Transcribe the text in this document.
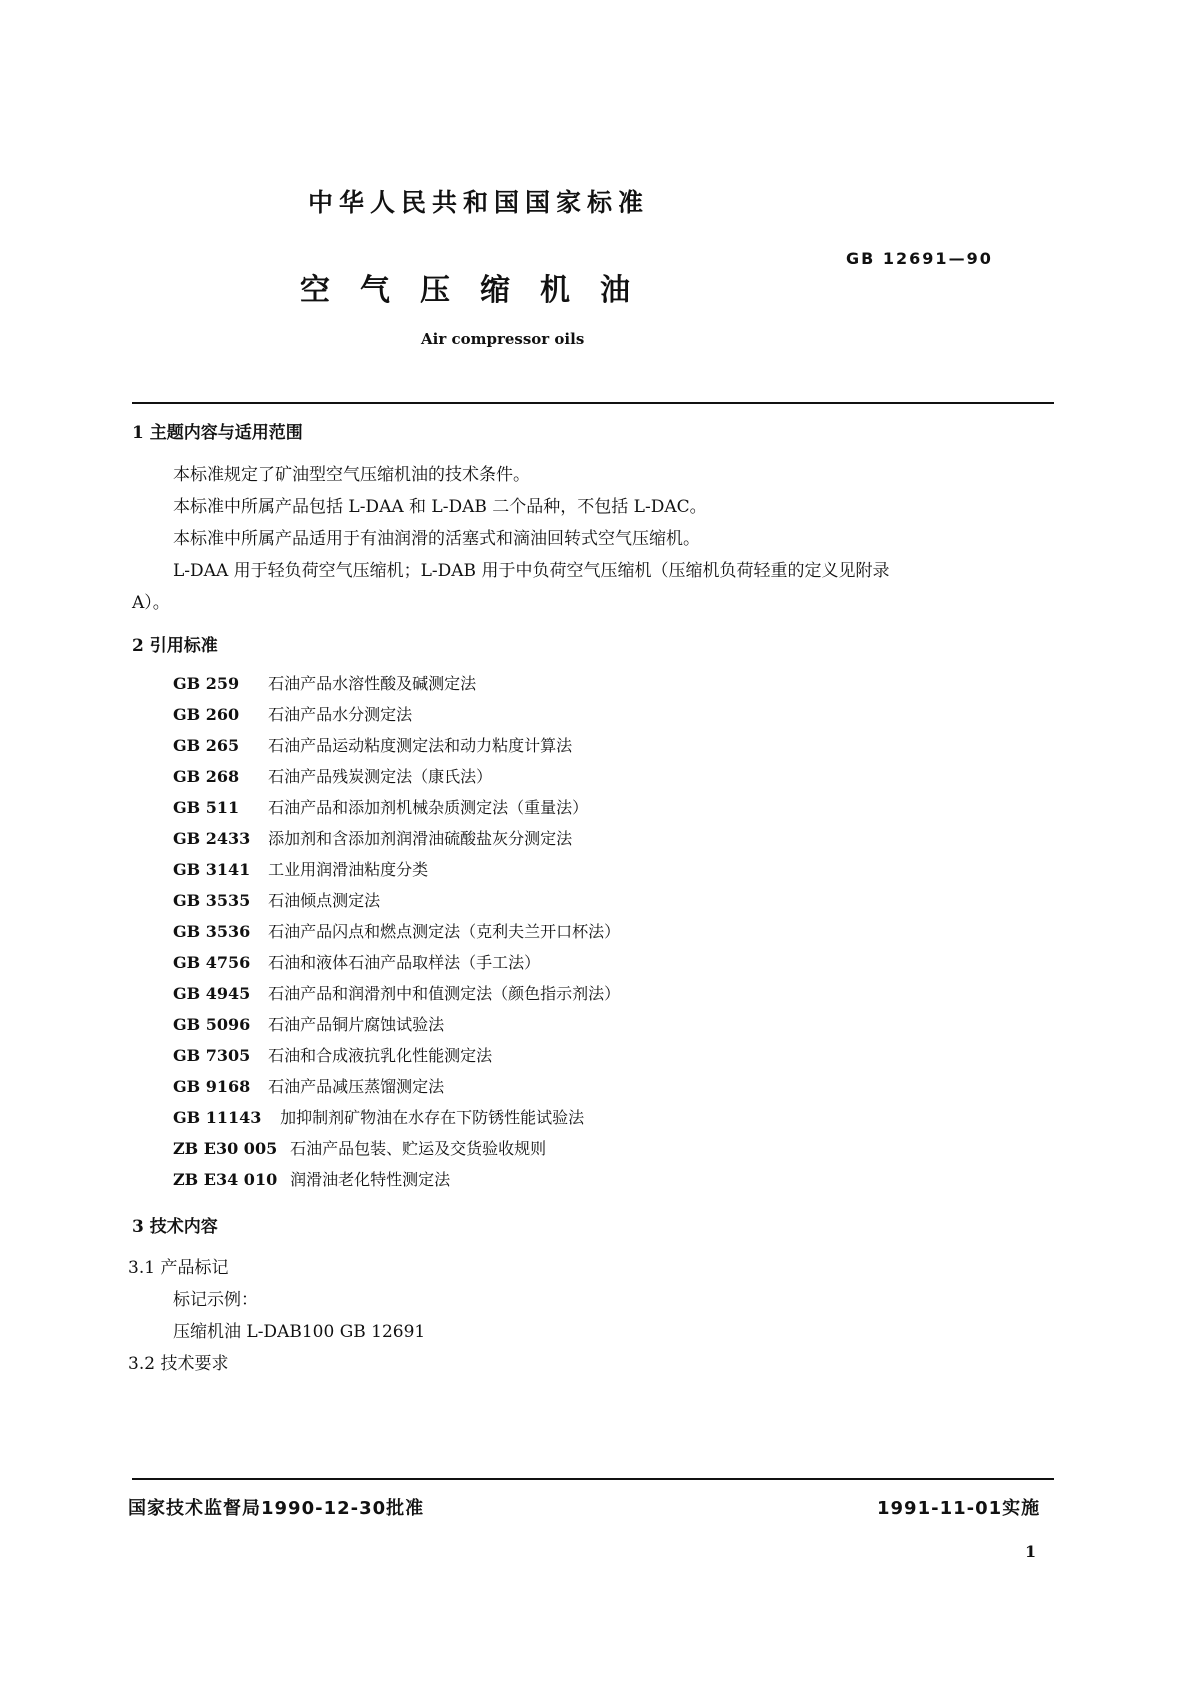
中华人民共和国国家标准
GB 12691—90
空气压缩机油
Air compressor oils
1 主题内容与适用范围
本标准规定了矿油型空气压缩机油的技术条件。
本标准中所属产品包括 L-DAA 和 L-DAB 二个品种，不包括 L-DAC。
本标准中所属产品适用于有油润滑的活塞式和滴油回转式空气压缩机。
L-DAA 用于轻负荷空气压缩机；L-DAB 用于中负荷空气压缩机（压缩机负荷轻重的定义见附录
A）。
2 引用标准
GB 259 石油产品水溶性酸及碱测定法
GB 260 石油产品水分测定法
GB 265 石油产品运动粘度测定法和动力粘度计算法
GB 268 石油产品残炭测定法（康氏法）
GB 511 石油产品和添加剂机械杂质测定法（重量法）
GB 2433 添加剂和含添加剂润滑油硫酸盐灰分测定法
GB 3141 工业用润滑油粘度分类
GB 3535 石油倾点测定法
GB 3536 石油产品闪点和燃点测定法（克利夫兰开口杯法）
GB 4756 石油和液体石油产品取样法（手工法）
GB 4945 石油产品和润滑剂中和值测定法（颜色指示剂法）
GB 5096 石油产品铜片腐蚀试验法
GB 7305 石油和合成液抗乳化性能测定法
GB 9168 石油产品减压蒸馏测定法
GB 11143 加抑制剂矿物油在水存在下防锈性能试验法
ZB E30 005 石油产品包装、贮运及交货验收规则
ZB E34 010 润滑油老化特性测定法
3 技术内容
3.1 产品标记
标记示例：
压缩机油 L-DAB100 GB 12691
3.2 技术要求
国家技术监督局1990-12-30批准	1991-11-01实施
1
